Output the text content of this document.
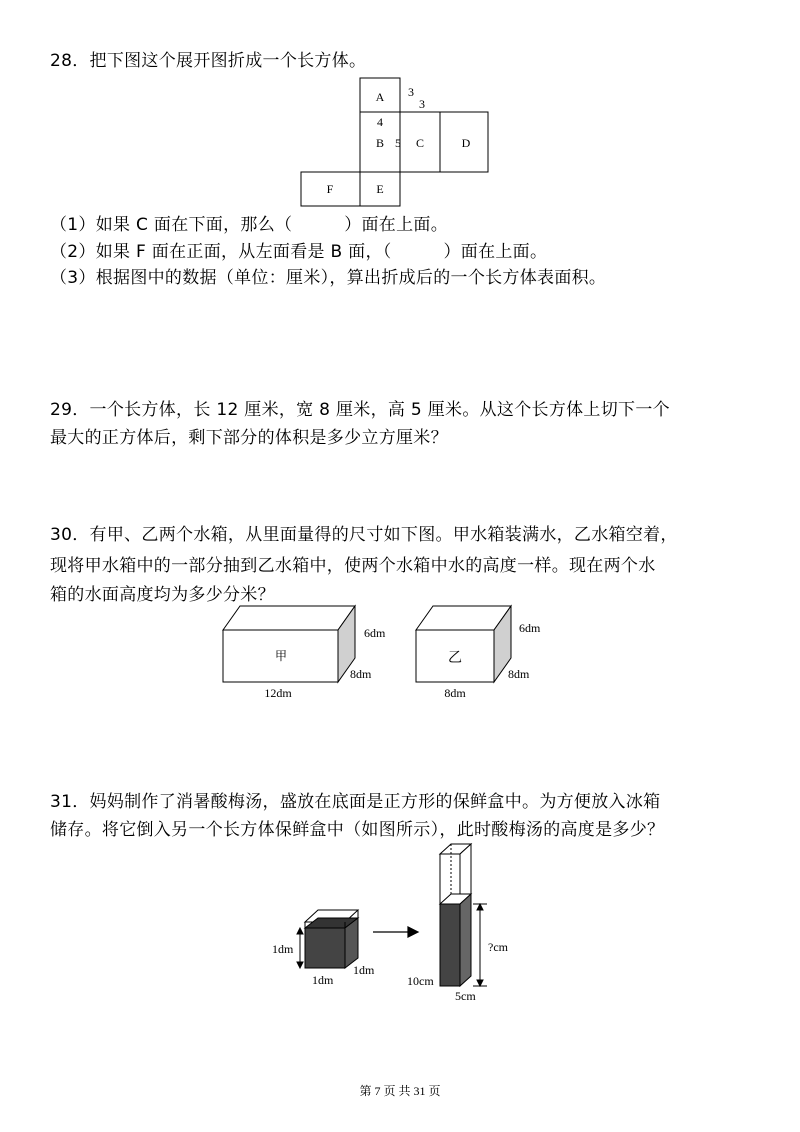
28．把下图这个展开图折成一个长方体。
A
B	C	D
E
F
3
3
4
5
（1）如果 C 面在下面，那么（　　　）面在上面。
（2）如果 F 面在正面，从左面看是 B 面，（　　　）面在上面。
（3）根据图中的数据（单位：厘米），算出折成后的一个长方体表面积。
29．一个长方体，长 12 厘米，宽 8 厘米，高 5 厘米。从这个长方体上切下一个
最大的正方体后，剩下部分的体积是多少立方厘米？
30．有甲、乙两个水箱，从里面量得的尺寸如下图。甲水箱装满水，乙水箱空着，
现将甲水箱中的一部分抽到乙水箱中，使两个水箱中水的高度一样。现在两个水
箱的水面高度均为多少分米？
甲
6dm
8dm
12dm
乙
6dm
8dm
8dm
31．妈妈制作了消暑酸梅汤，盛放在底面是正方形的保鲜盒中。为方便放入冰箱
储存。将它倒入另一个长方体保鲜盒中（如图所示），此时酸梅汤的高度是多少？
1dm
1dm
1dm
?cm
10cm
5cm
第 7 页 共 31 页
